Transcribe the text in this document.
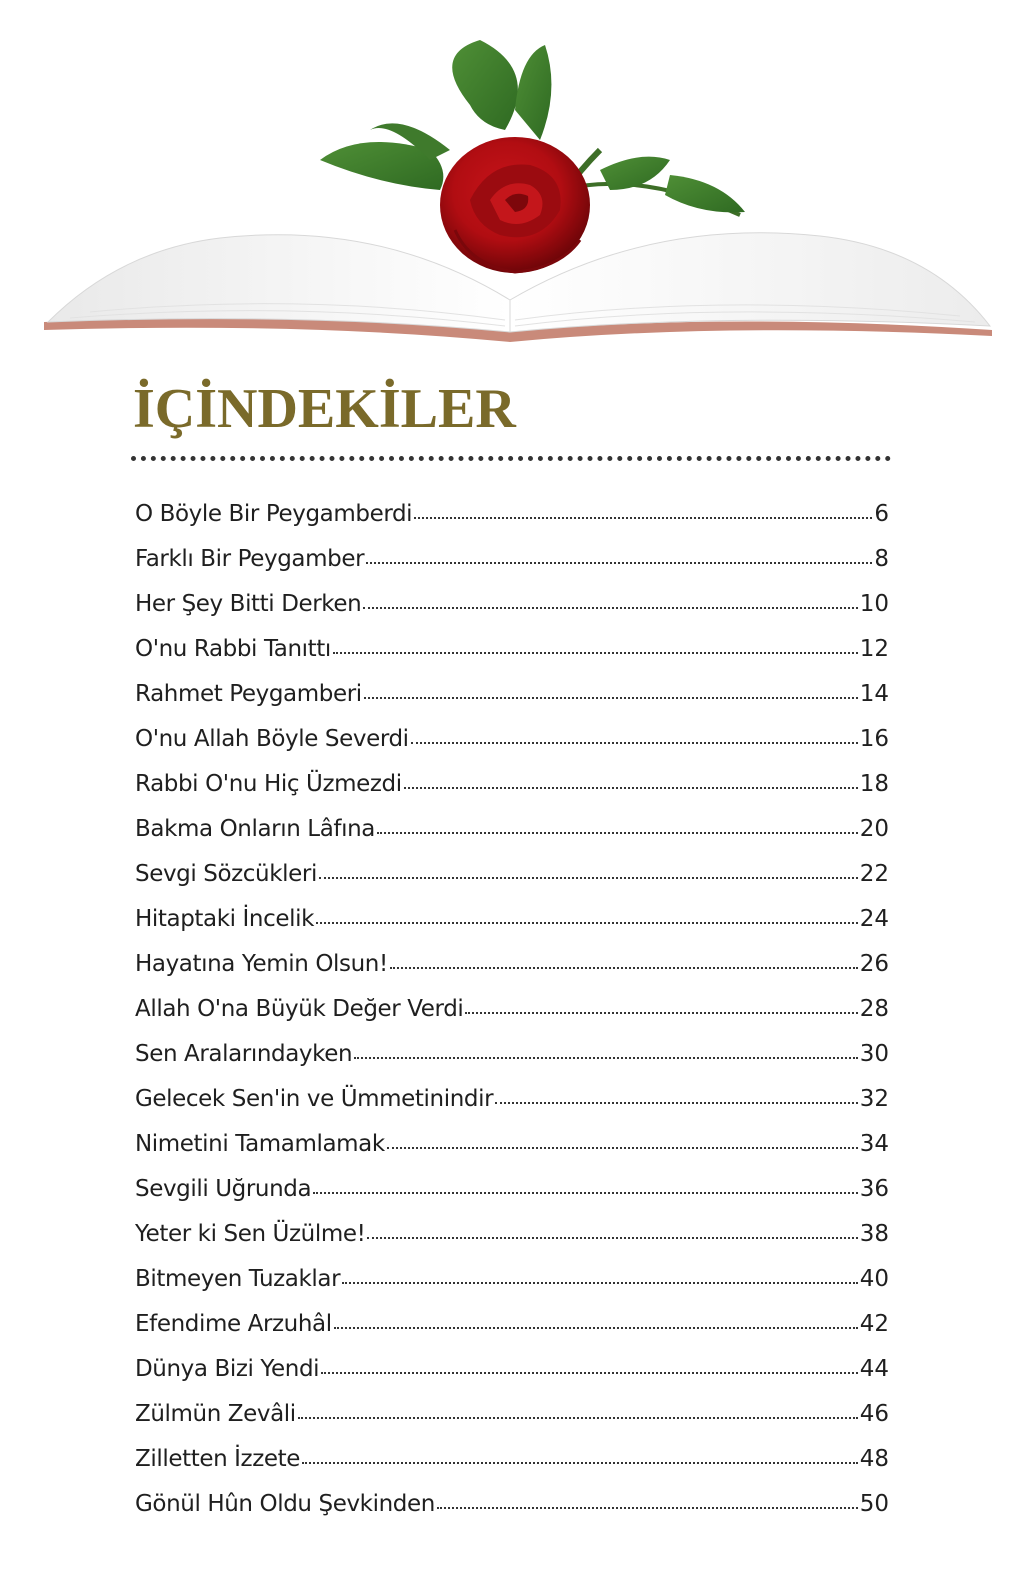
İÇİNDEKİLER
O Böyle Bir Peygamberdi	6
Farklı Bir Peygamber	8
Her Şey Bitti Derken	10
O'nu Rabbi Tanıttı	12
Rahmet Peygamberi	14
O'nu Allah Böyle Severdi	16
Rabbi O'nu Hiç Üzmezdi	18
Bakma Onların Lâfına	20
Sevgi Sözcükleri	22
Hitaptaki İncelik	24
Hayatına Yemin Olsun!	26
Allah O'na Büyük Değer Verdi	28
Sen Aralarındayken	30
Gelecek Sen'in ve Ümmetinindir	32
Nimetini Tamamlamak	34
Sevgili Uğrunda	36
Yeter ki Sen Üzülme!	38
Bitmeyen Tuzaklar	40
Efendime Arzuhâl	42
Dünya Bizi Yendi	44
Zülmün Zevâli	46
Zilletten İzzete	48
Gönül Hûn Oldu Şevkinden	50
